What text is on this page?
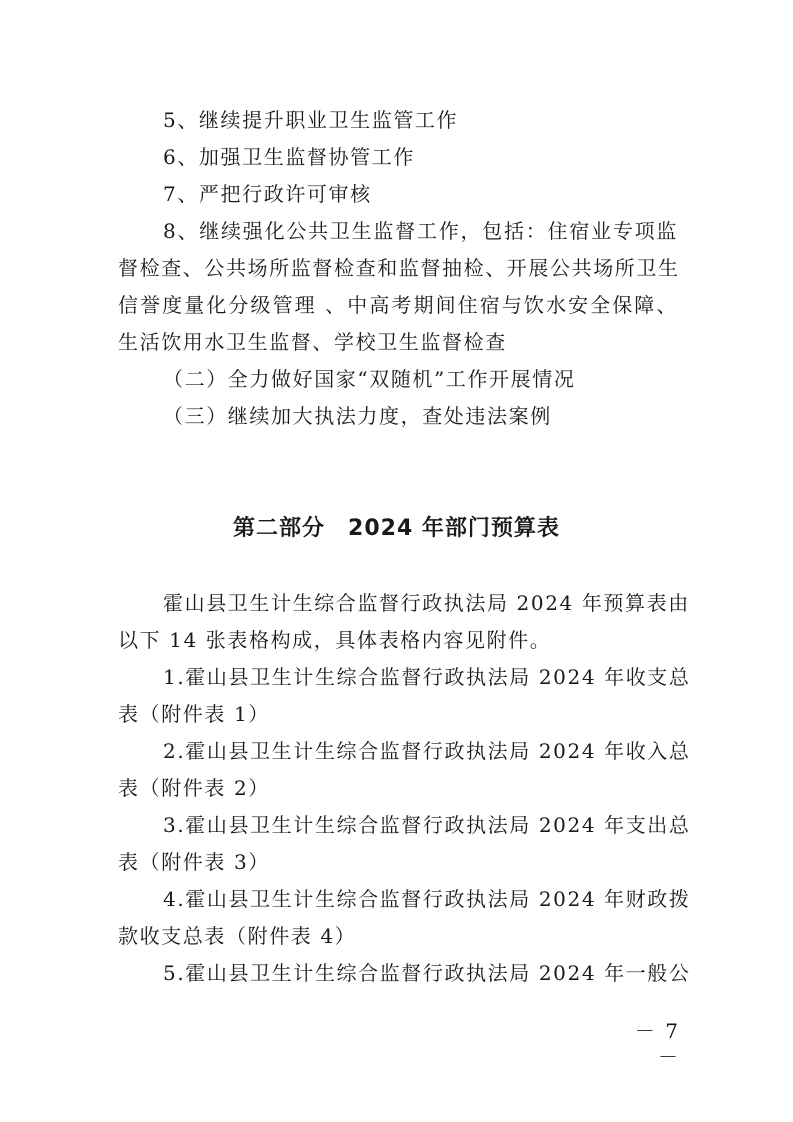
5、继续提升职业卫生监管工作
6、加强卫生监督协管工作
7、严把行政许可审核
8、继续强化公共卫生监督工作，包括：住宿业专项监
督检查、公共场所监督检查和监督抽检、开展公共场所卫生
信誉度量化分级管理 、中高考期间住宿与饮水安全保障、
生活饮用水卫生监督、学校卫生监督检查
（二）全力做好国家“双随机”工作开展情况
（三）继续加大执法力度，查处违法案例
第二部分　2024 年部门预算表
霍山县卫生计生综合监督行政执法局 2024 年预算表由
以下 14 张表格构成，具体表格内容见附件。
1.霍山县卫生计生综合监督行政执法局 2024 年收支总
表（附件表 1）
2.霍山县卫生计生综合监督行政执法局 2024 年收入总
表（附件表 2）
3.霍山县卫生计生综合监督行政执法局 2024 年支出总
表（附件表 3）
4.霍山县卫生计生综合监督行政执法局 2024 年财政拨
款收支总表（附件表 4）
5.霍山县卫生计生综合监督行政执法局 2024 年一般公
－ 7 －
